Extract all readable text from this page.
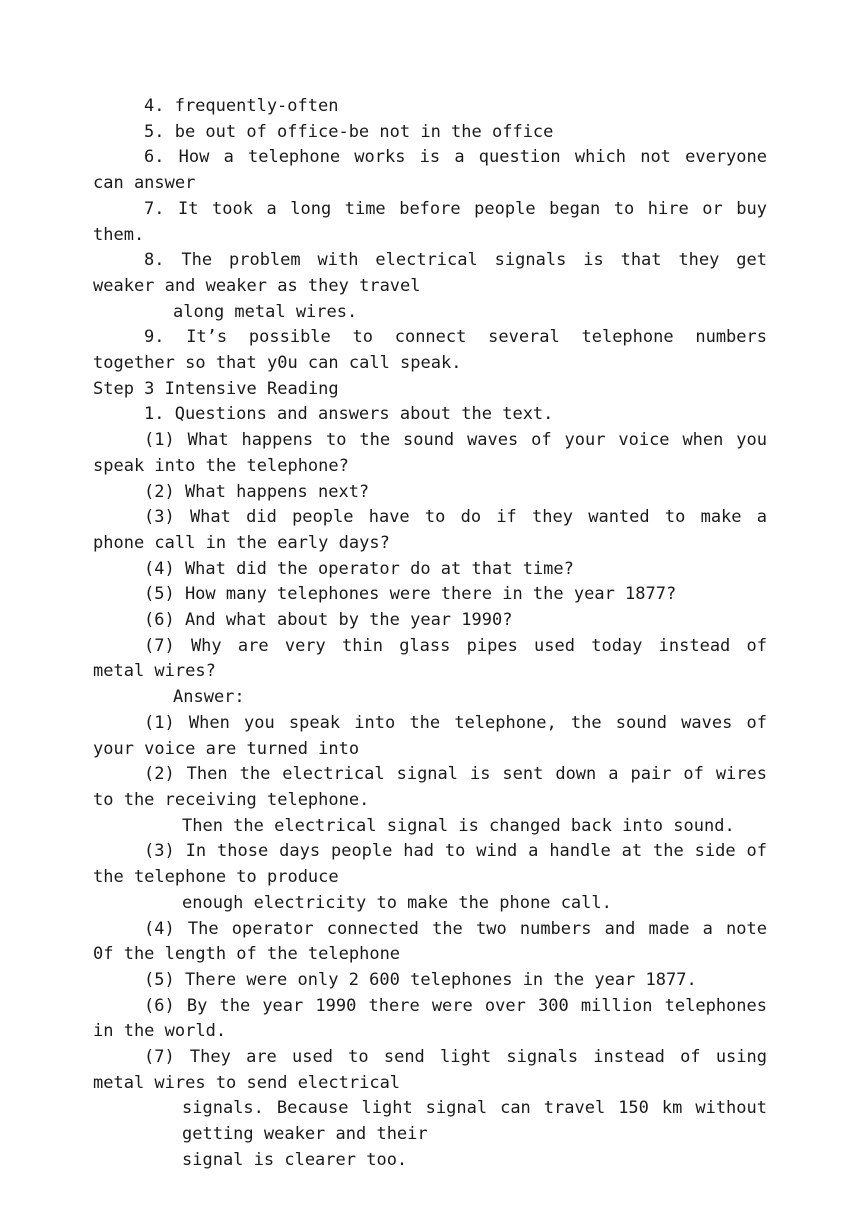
4. frequently-often

5. be out of office-be not in the office

6. How a telephone works is a question which not everyone can answer

7. It took a long time before people began to hire or buy them.

8. The problem with electrical signals is that they get weaker and weaker as they travel

along metal wires.

9. It’s possible to connect several telephone numbers together so that y0u can call speak.

Step 3 Intensive Reading

1. Questions and answers about the text.

(1) What happens to the sound waves of your voice when you speak into the telephone?

(2) What happens next?

(3) What did people have to do if they wanted to make a phone call in the early days?

(4) What did the operator do at that time?

(5) How many telephones were there in the year 1877?

(6) And what about by the year 1990?

(7) Why are very thin glass pipes used today instead of metal wires?

Answer:

(1) When you speak into the telephone, the sound waves of your voice are turned into

(2) Then the electrical signal is sent down a pair of wires to the receiving telephone.

Then the electrical signal is changed back into sound.

(3) In those days people had to wind a handle at the side of the telephone to produce

enough electricity to make the phone call.

(4) The operator connected the two numbers and made a note 0f the length of the telephone

(5) There were only 2 600 telephones in the year 1877.

(6) By the year 1990 there were over 300 million telephones in the world.

(7) They are used to send light signals instead of using metal wires to send electrical

signals. Because light signal can travel 150 km without getting weaker and their

signal is clearer too.
